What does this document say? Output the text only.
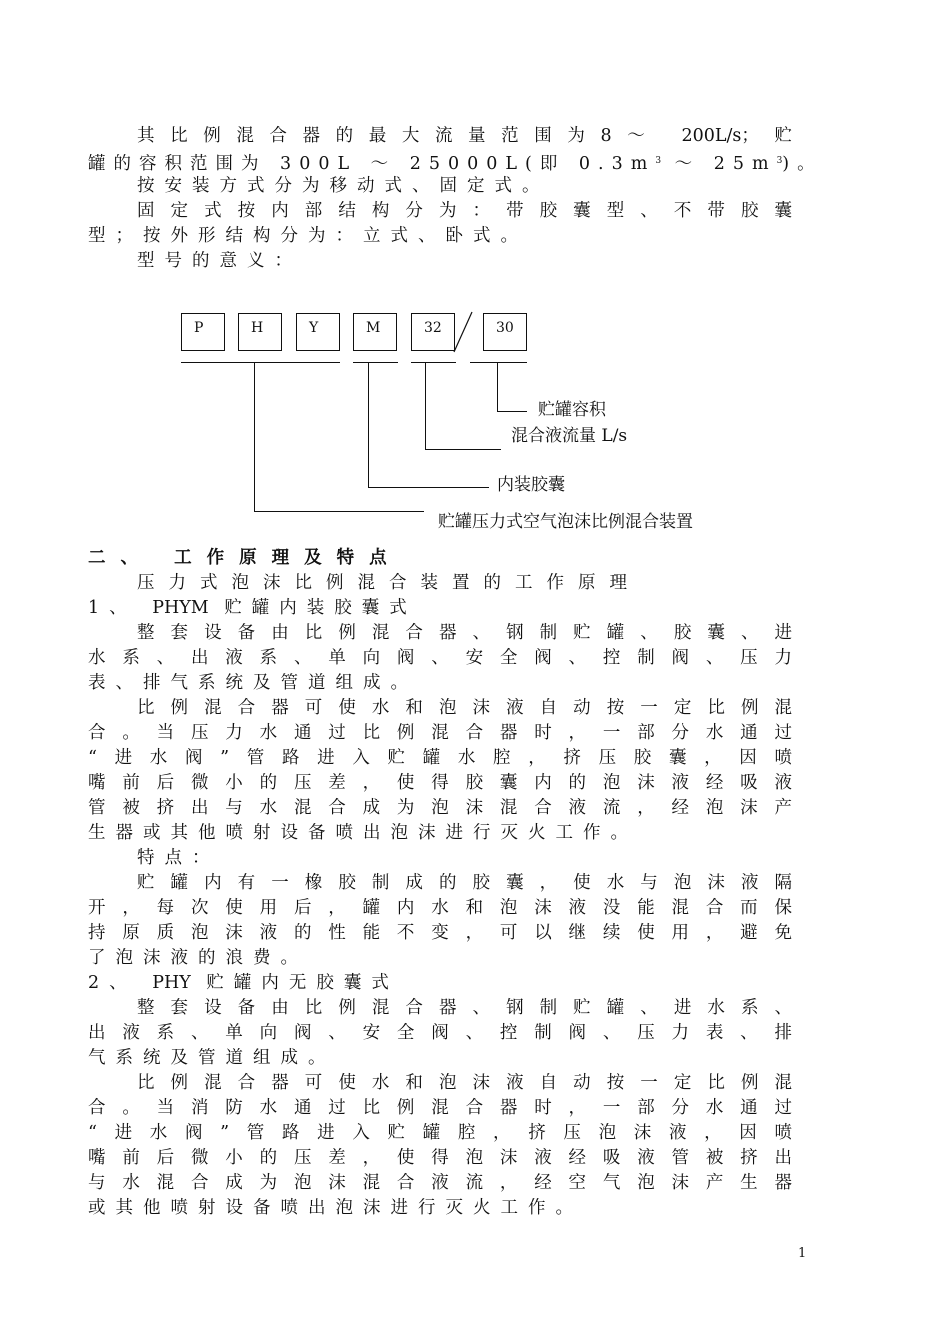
其比例混合器的最大流量范围为8～ 200L/s；贮
罐的容积范围为 300L ～ 25000L(即 $0.3m^3$ ～ $25m^3$)。
按安装方式分为移动式、固定式。
固定式按内部结构分为：带胶囊型、不带胶囊
型；按外形结构分为：立式、卧式。
型号的意义：
P	H	Y	M	32	30
贮罐容积
混合液流量 L/s
内装胶囊
贮罐压力式空气泡沫比例混合装置
二、 工作原理及特点
压力式泡沫比例混合装置的工作原理
1、 PHYM 贮罐内装胶囊式
整套设备由比例混合器、钢制贮罐、胶囊、进
水系、出液系、单向阀、安全阀、控制阀、压力
表、排气系统及管道组成。
比例混合器可使水和泡沫液自动按一定比例混
合。当压力水通过比例混合器时，一部分水通过
“进水阀”管路进入贮罐水腔，挤压胶囊，因喷
嘴前后微小的压差，使得胶囊内的泡沫液经吸液
管被挤出与水混合成为泡沫混合液流，经泡沫产
生器或其他喷射设备喷出泡沫进行灭火工作。
特点：
贮罐内有一橡胶制成的胶囊，使水与泡沫液隔
开，每次使用后，罐内水和泡沫液没能混合而保
持原质泡沫液的性能不变，可以继续使用，避免
了泡沫液的浪费。
2、 PHY 贮罐内无胶囊式
整套设备由比例混合器、钢制贮罐、进水系、
出液系、单向阀、安全阀、控制阀、压力表、排
气系统及管道组成。
比例混合器可使水和泡沫液自动按一定比例混
合。当消防水通过比例混合器时，一部分水通过
“进水阀”管路进入贮罐腔，挤压泡沫液，因喷
嘴前后微小的压差，使得泡沫液经吸液管被挤出
与水混合成为泡沫混合液流，经空气泡沫产生器
或其他喷射设备喷出泡沫进行灭火工作。
1
